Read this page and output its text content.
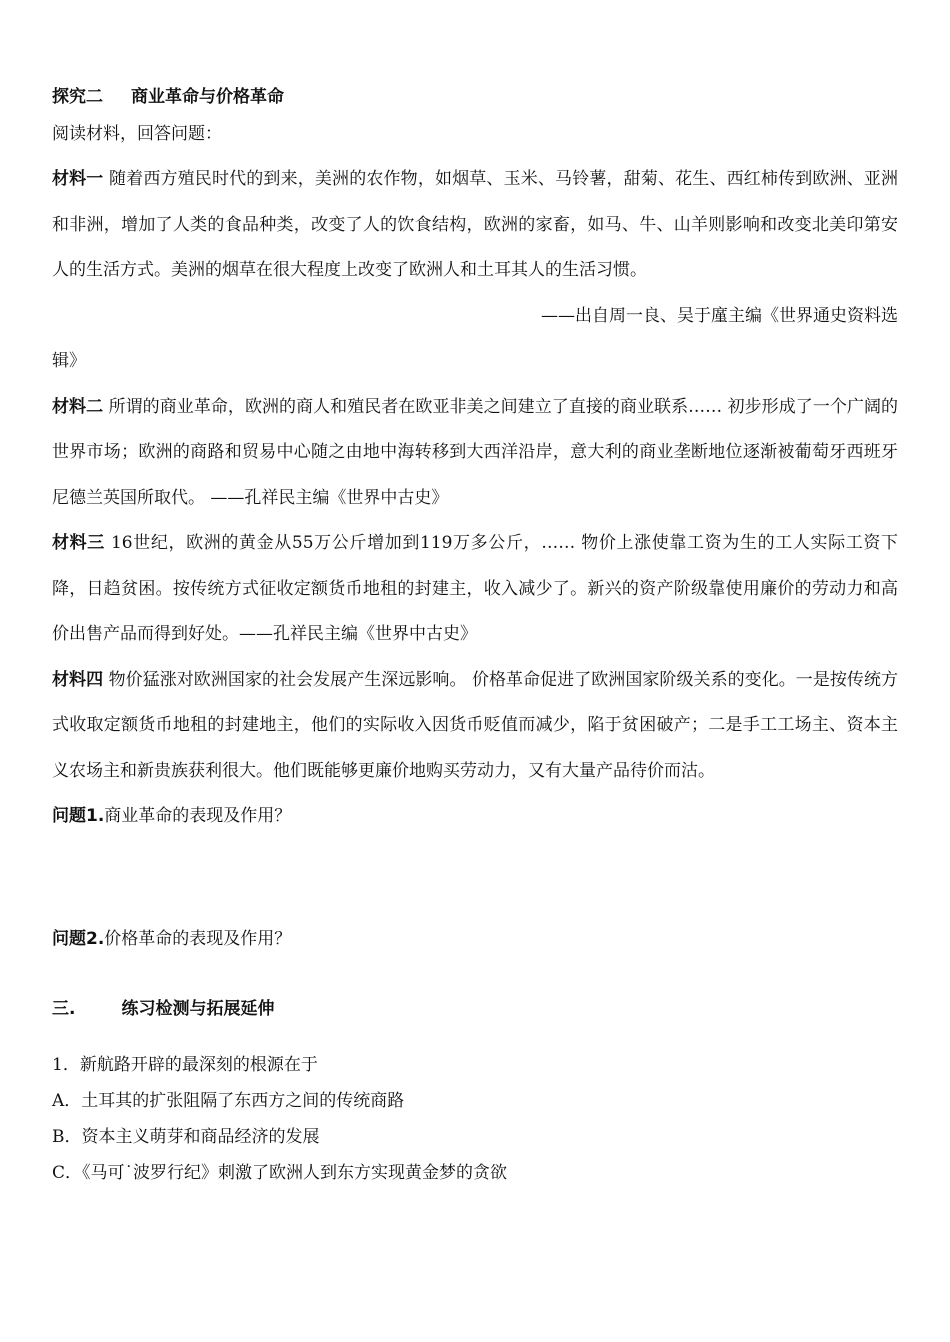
探究二 商业革命与价格革命
阅读材料，回答问题：
材料一 随着西方殖民时代的到来，美洲的农作物，如烟草、玉米、马铃薯，甜菊、花生、西红柿传到欧洲、亚洲和非洲，增加了人类的食品种类，改变了人的饮食结构，欧洲的家畜，如马、牛、山羊则影响和改变北美印第安人的生活方式。美洲的烟草在很大程度上改变了欧洲人和土耳其人的生活习惯。
——出自周一良、吴于廑主编《世界通史资料选
辑》
材料二 所谓的商业革命，欧洲的商人和殖民者在欧亚非美之间建立了直接的商业联系…… 初步形成了一个广阔的世界市场；欧洲的商路和贸易中心随之由地中海转移到大西洋沿岸，意大利的商业垄断地位逐渐被葡萄牙西班牙尼德兰英国所取代。 ——孔祥民主编《世界中古史》
材料三 16世纪，欧洲的黄金从55万公斤增加到119万多公斤，…… 物价上涨使靠工资为生的工人实际工资下降，日趋贫困。按传统方式征收定额货币地租的封建主，收入减少了。新兴的资产阶级靠使用廉价的劳动力和高价出售产品而得到好处。——孔祥民主编《世界中古史》
材料四 物价猛涨对欧洲国家的社会发展产生深远影响。 价格革命促进了欧洲国家阶级关系的变化。一是按传统方式收取定额货币地租的封建地主，他们的实际收入因货币贬值而减少，陷于贫困破产；二是手工工场主、资本主义农场主和新贵族获利很大。他们既能够更廉价地购买劳动力，又有大量产品待价而沽。
问题1.商业革命的表现及作用？
问题2.价格革命的表现及作用？
三.	练习检测与拓展延伸
1．新航路开辟的最深刻的根源在于
A．土耳其的扩张阻隔了东西方之间的传统商路
B．资本主义萌芽和商品经济的发展
C．《马可˙波罗行纪》刺激了欧洲人到东方实现黄金梦的贪欲
